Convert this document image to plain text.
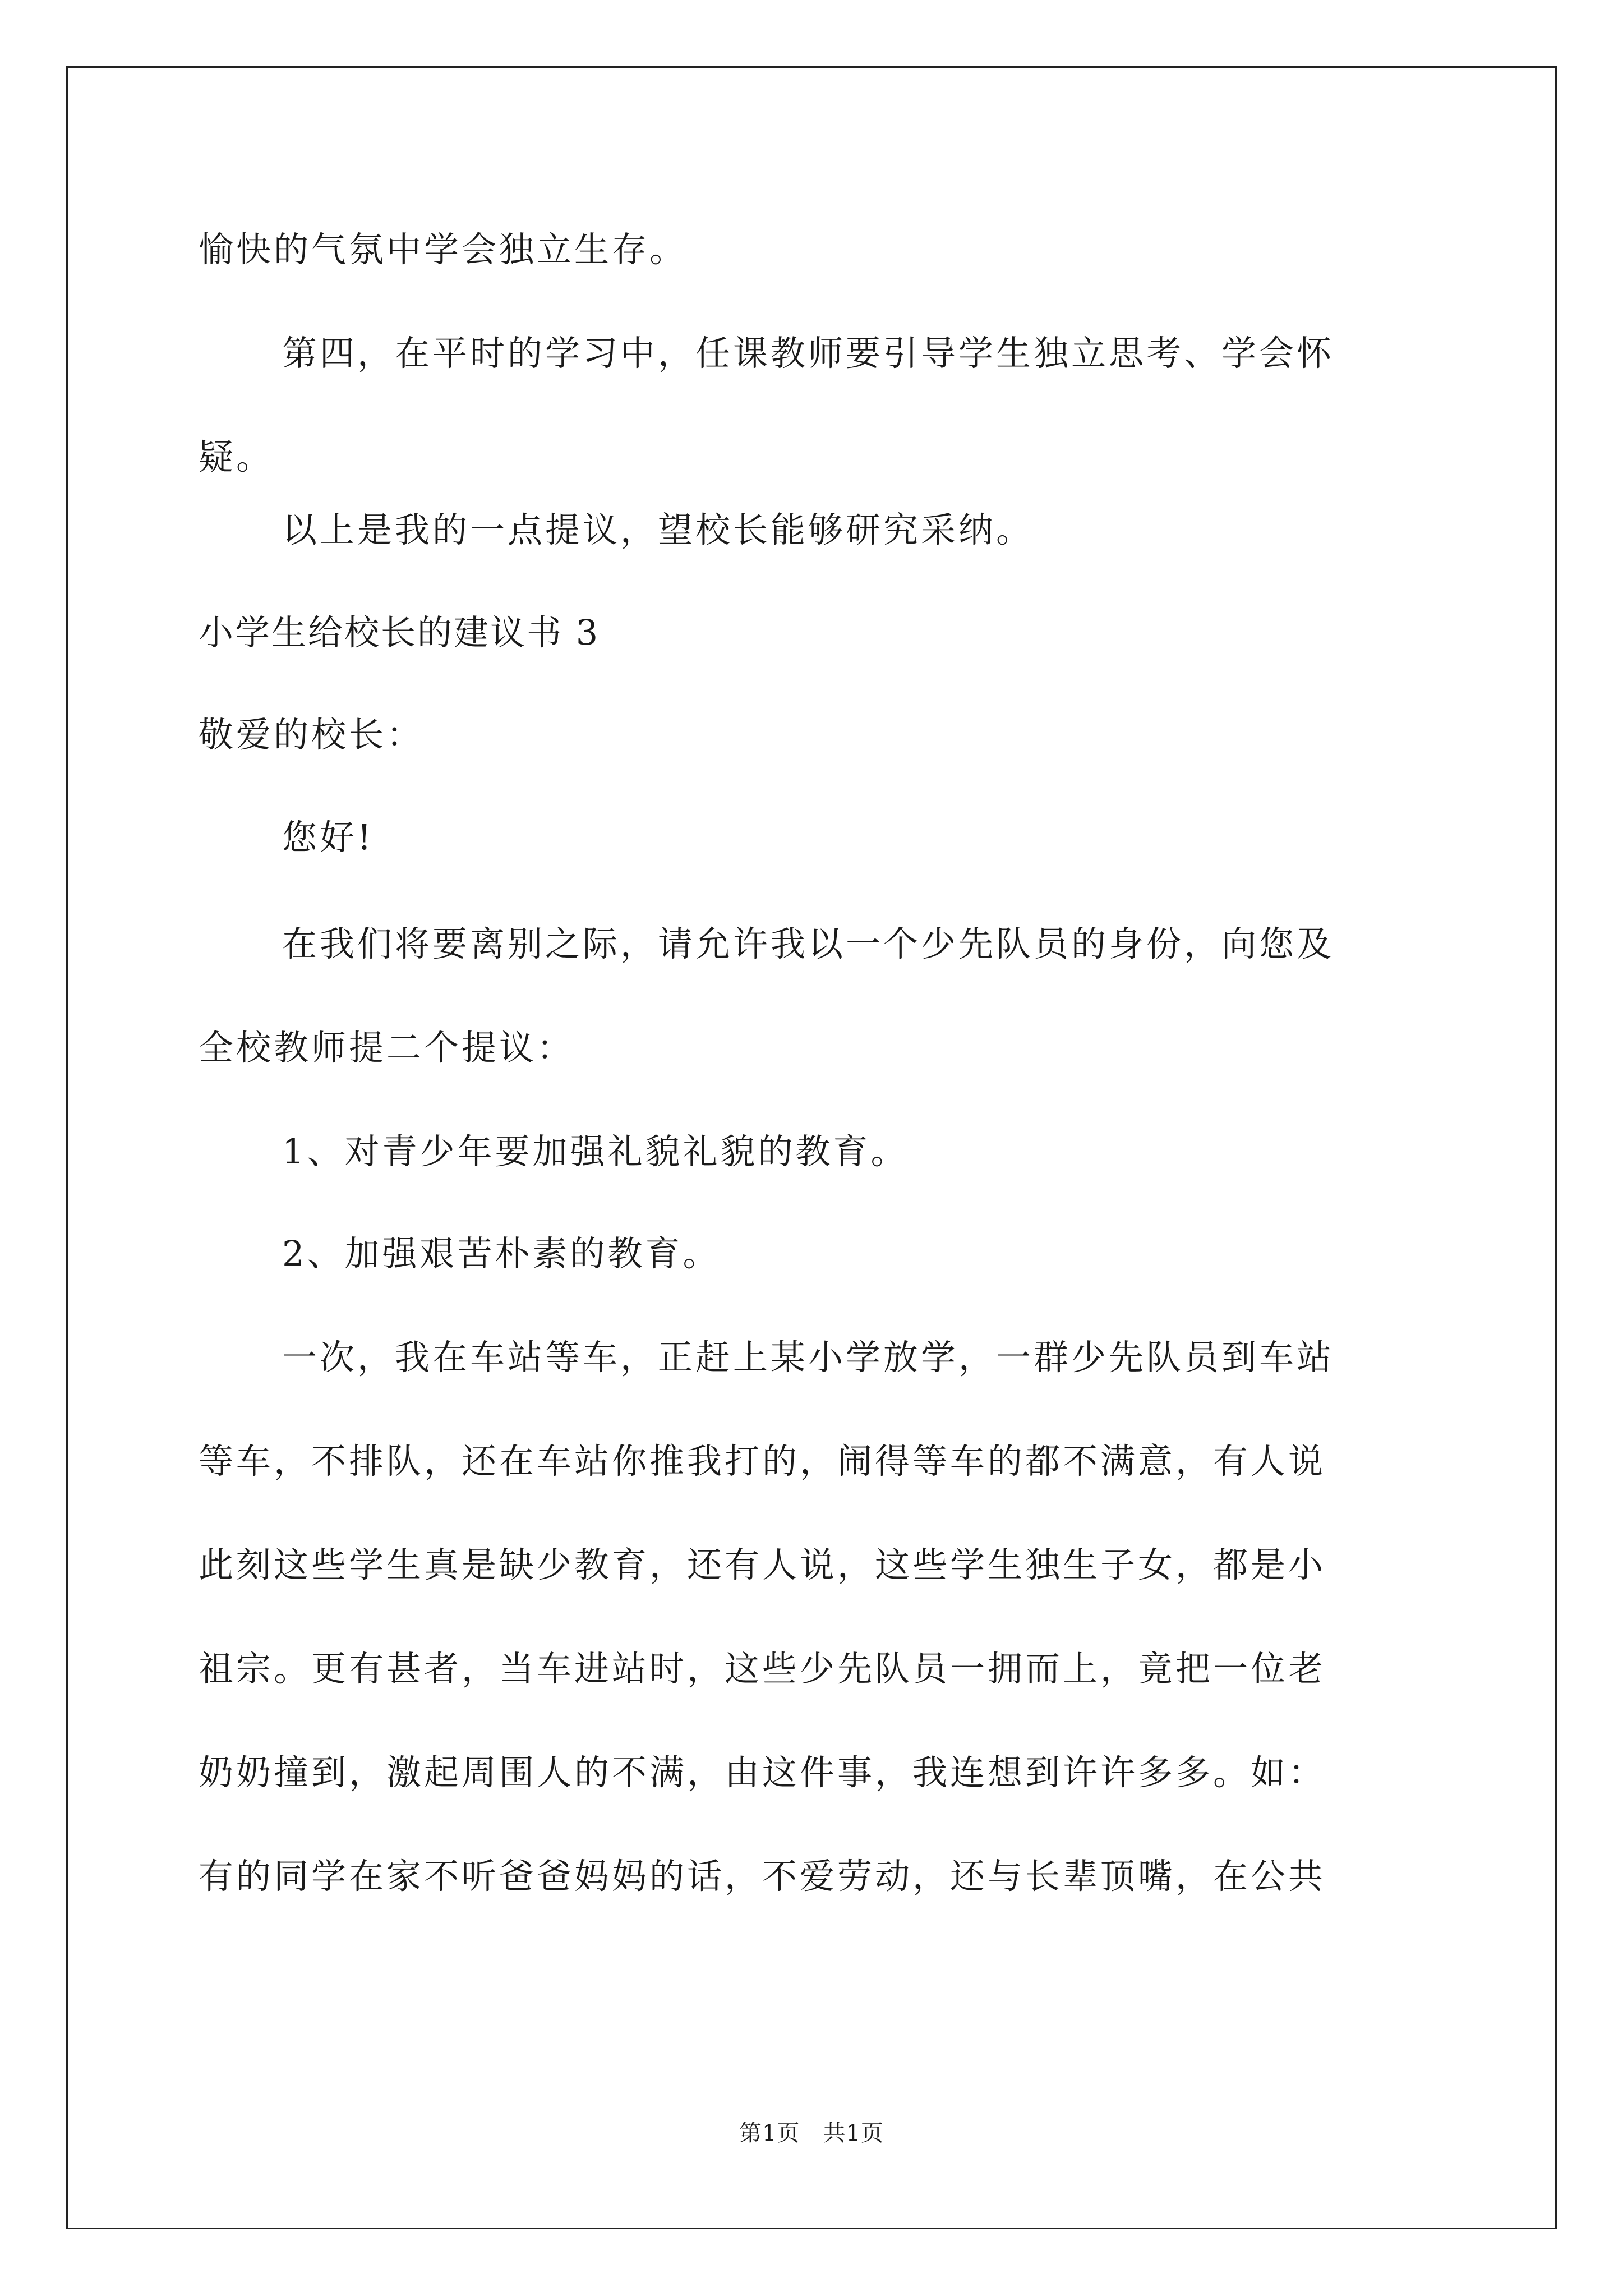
愉快的气氛中学会独立生存。
第四，在平时的学习中，任课教师要引导学生独立思考、学会怀
疑。
以上是我的一点提议，望校长能够研究采纳。
小学生给校长的建议书 3
敬爱的校长：
您好!
在我们将要离别之际，请允许我以一个少先队员的身份，向您及
全校教师提二个提议：
1、对青少年要加强礼貌礼貌的教育。
2、加强艰苦朴素的教育。
一次，我在车站等车，正赶上某小学放学，一群少先队员到车站
等车，不排队，还在车站你推我打的，闹得等车的都不满意，有人说
此刻这些学生真是缺少教育，还有人说，这些学生独生子女，都是小
祖宗。更有甚者，当车进站时，这些少先队员一拥而上，竟把一位老
奶奶撞到，激起周围人的不满，由这件事，我连想到许许多多。如：
有的同学在家不听爸爸妈妈的话，不爱劳动，还与长辈顶嘴，在公共
第1页　共1页
